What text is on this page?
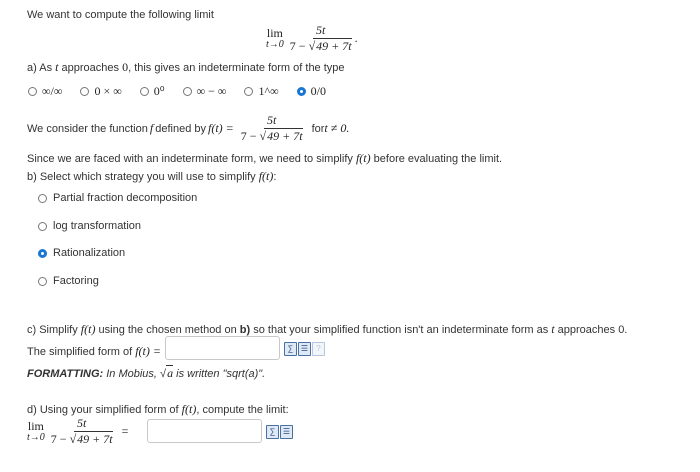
We want to compute the following limit
lim
$t\to 0 \frac{5t}{7 - √49 + 7t}$ .
a) As t approaches 0, this gives an indeterminate form of the type
∞/∞	0 × ∞	0⁰	∞ − ∞	1^∞	0/0
We consider the function f defined by $f(t) = \frac{5t}{7 - √49 + 7t}$ for t ≠ 0.
Since we are faced with an indeterminate form, we need to simplify f(t) before evaluating the limit.
b) Select which strategy you will use to simplify f(t):
Partial fraction decomposition
log transformation
Rationalization
Factoring
c) Simplify f(t) using the chosen method on b) so that your simplified function isn't an indeterminate form as t approaches 0.
The simplified form of f(t) =	∑ ☰	?
FORMATTING: In Mobius, √a is written "sqrt(a)".
d) Using your simplified form of f(t), compute the limit:
lim
$t\to 0 \frac{5t}{7 - √49 + 7t}$ =	∑ ☰
